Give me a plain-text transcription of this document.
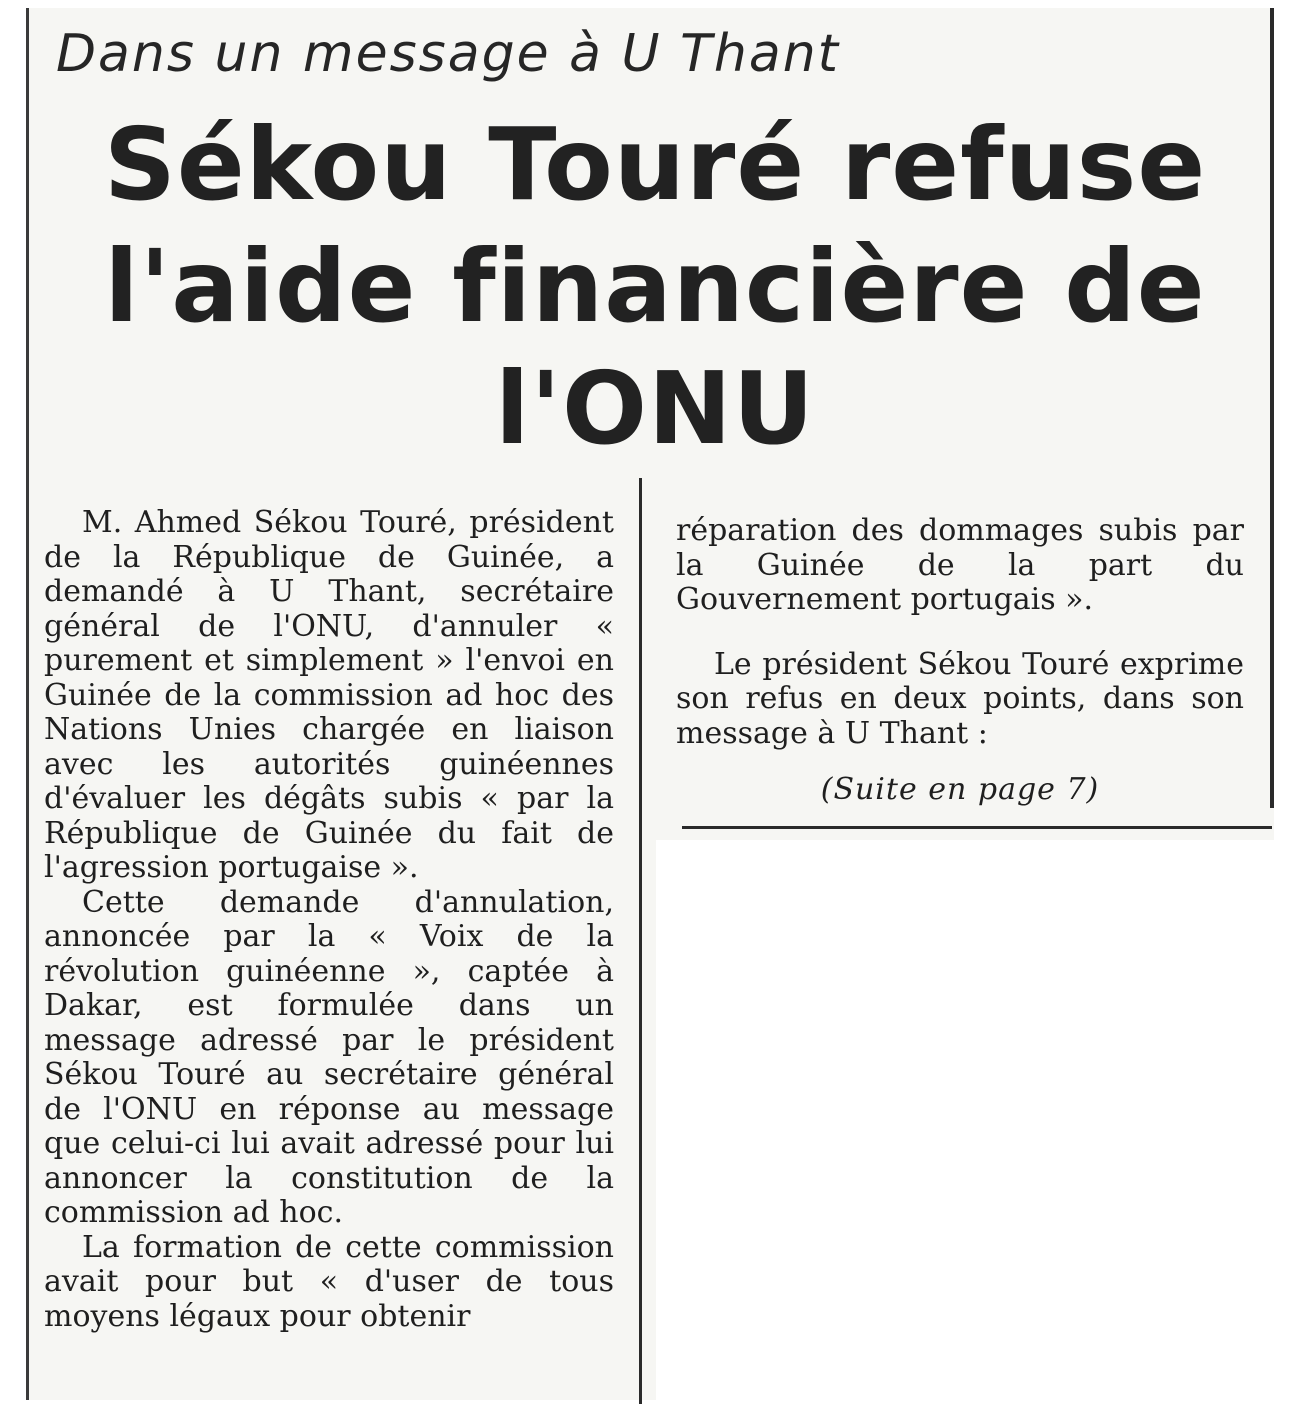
Dans un message à U Thant
Sékou Touré refuse
l'aide financière de
l'ONU

M. Ahmed Sékou Touré, président de la République de Guinée, a demandé à U Thant, secrétaire général de l'ONU, d'annuler « purement et simplement » l'envoi en Guinée de la commission ad hoc des Nations Unies chargée en liaison avec les autorités guinéennes d'évaluer les dégâts subis « par la République de Guinée du fait de l'agression portugaise ».

Cette demande d'annulation, annoncée par la « Voix de la révolution guinéenne », captée à Dakar, est formulée dans un message adressé par le président Sékou Touré au secrétaire général de l'ONU en réponse au message que celui-ci lui avait adressé pour lui annoncer la constitution de la commission ad hoc.

La formation de cette commission avait pour but « d'user de tous moyens légaux pour obtenir

réparation des dommages subis par la Guinée de la part du Gouvernement portugais ».

Le président Sékou Touré exprime son refus en deux points, dans son message à U Thant :

(Suite en page 7)
